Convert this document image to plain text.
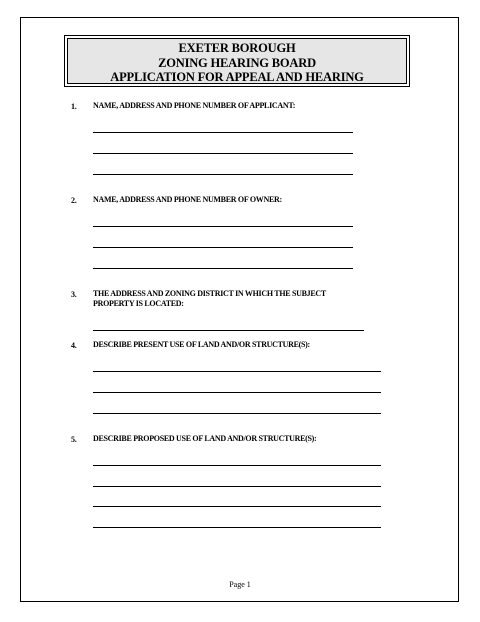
EXETER BOROUGH
ZONING HEARING BOARD
APPLICATION FOR APPEAL AND HEARING
1. NAME, ADDRESS AND PHONE NUMBER OF APPLICANT:
2. NAME, ADDRESS AND PHONE NUMBER OF OWNER:
3. THE ADDRESS AND ZONING DISTRICT IN WHICH THE SUBJECT
PROPERTY IS LOCATED:
4. DESCRIBE PRESENT USE OF LAND AND/OR STRUCTURE(S):
5. DESCRIBE PROPOSED USE OF LAND AND/OR STRUCTURE(S):
Page 1
